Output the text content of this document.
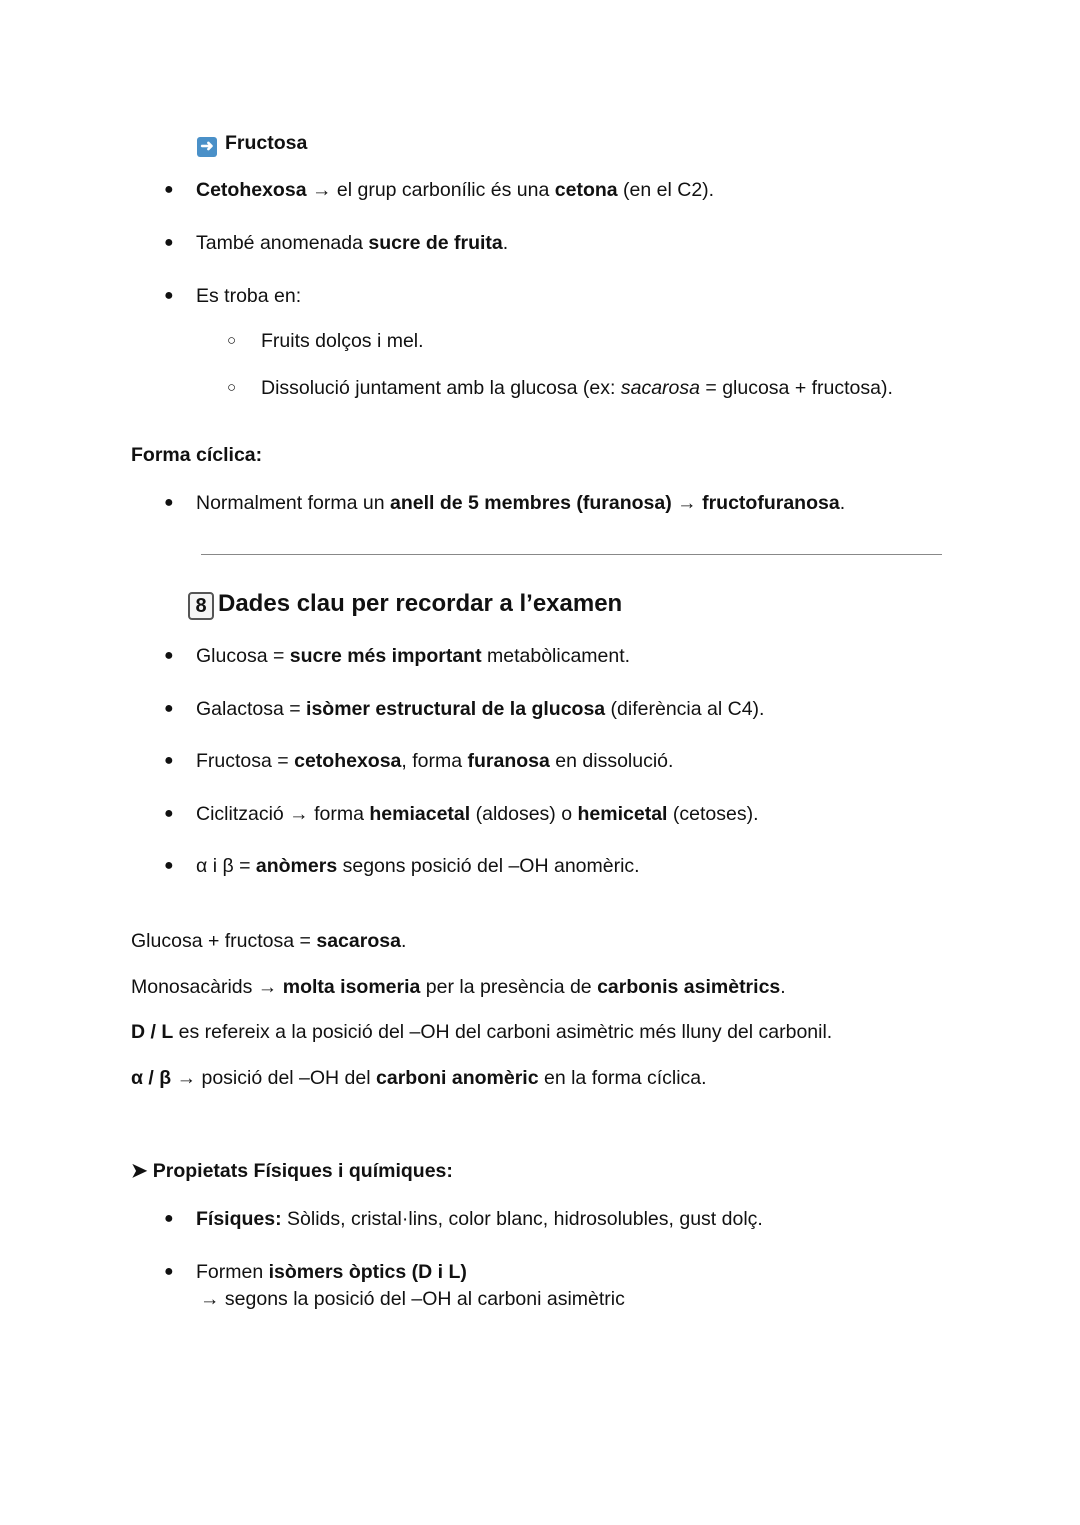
➜ Fructosa
Forma cíclica:
8 Dades clau per recordar a l’examen
➤ Propietats Físiques i químiques:
→ segons la posició del –OH al carboni asimètric
● Cetohexosa → el grup carbonílic és una cetona (en el C2).
● També anomenada sucre de fruita.
● Es troba en:
○ Fruits dolços i mel.
○ Dissolució juntament amb la glucosa (ex: sacarosa = glucosa + fructosa).
● Normalment forma un anell de 5 membres (furanosa) → fructofuranosa.
● Glucosa = sucre més important metabòlicament.
● Galactosa = isòmer estructural de la glucosa (diferència al C4).
● Fructosa = cetohexosa, forma furanosa en dissolució.
● Ciclització → forma hemiacetal (aldoses) o hemicetal (cetoses).
● α i β = anòmers segons posició del –OH anomèric.
Glucosa + fructosa = sacarosa.
Monosacàrids → molta isomeria per la presència de carbonis asimètrics.
D / L es refereix a la posició del –OH del carboni asimètric més lluny del carbonil.
α / β → posició del –OH del carboni anomèric en la forma cíclica.
● Físiques: Sòlids, cristal·lins, color blanc, hidrosolubles, gust dolç.
● Formen isòmers òptics (D i L)
